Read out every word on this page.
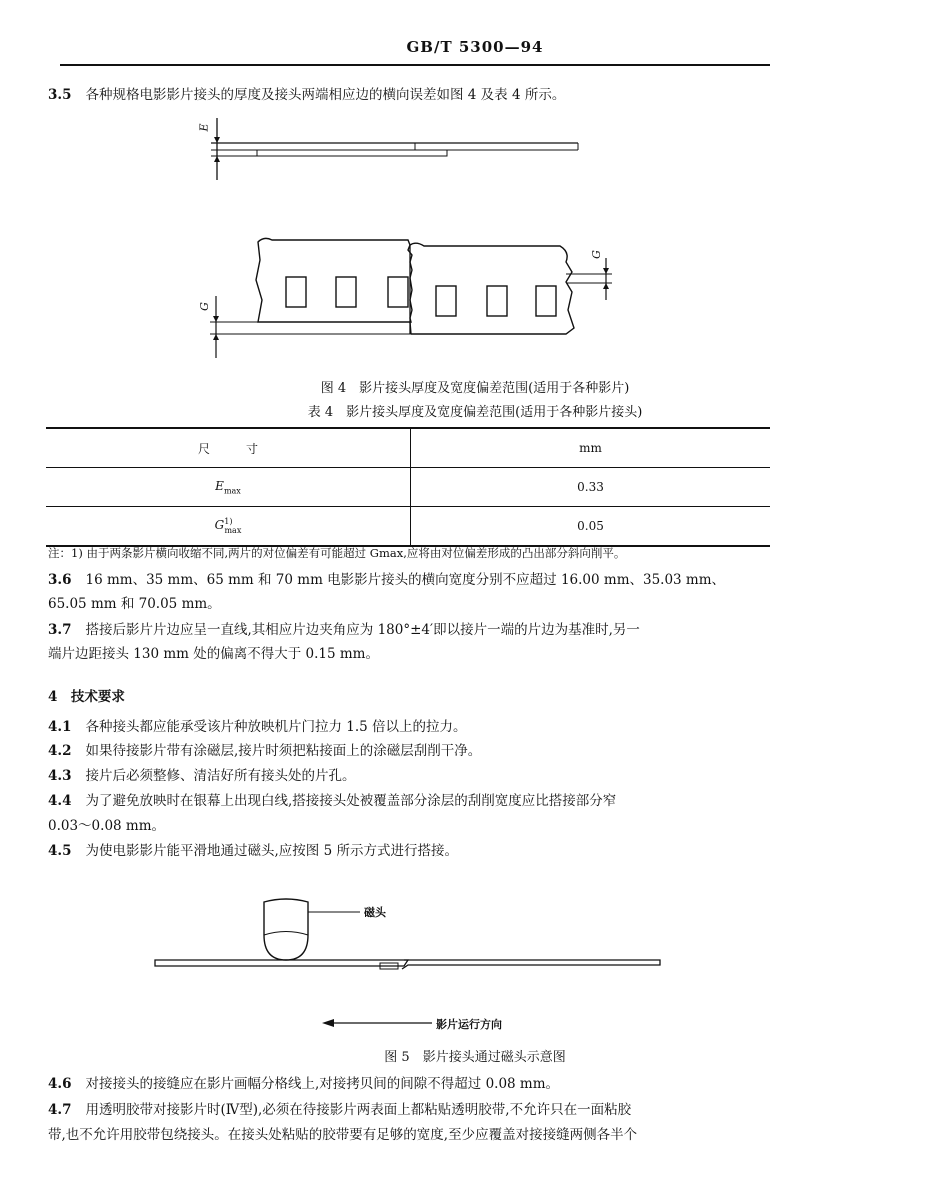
GB/T 5300—94
3.5 各种规格电影影片接头的厚度及接头两端相应边的横向误差如图 4 及表 4 所示。
E
G
G
图 4　影片接头厚度及宽度偏差范围(适用于各种影片)
表 4　影片接头厚度及宽度偏差范围(适用于各种影片接头)
尺　　　寸	mm
$E_{max}$	0.33
$G^{1)}_{max}$	0.05
注：1) 由于两条影片横向收缩不同,两片的对位偏差有可能超过 Gmax,应将由对位偏差形成的凸出部分斜向削平。
3.6 16 mm、35 mm、65 mm 和 70 mm 电影影片接头的横向宽度分别不应超过 16.00 mm、35.03 mm、
65.05 mm 和 70.05 mm。
3.7 搭接后影片片边应呈一直线,其相应片边夹角应为 180°±4′即以接片一端的片边为基准时,另一
端片边距接头 130 mm 处的偏离不得大于 0.15 mm。
4　技术要求
4.1 各种接头都应能承受该片种放映机片门拉力 1.5 倍以上的拉力。
4.2 如果待接影片带有涂磁层,接片时须把粘接面上的涂磁层刮削干净。
4.3 接片后必须整修、清洁好所有接头处的片孔。
4.4 为了避免放映时在银幕上出现白线,搭接接头处被覆盖部分涂层的刮削宽度应比搭接部分窄
0.03～0.08 mm。
4.5 为使电影影片能平滑地通过磁头,应按图 5 所示方式进行搭接。
磁头
影片运行方向
图 5　影片接头通过磁头示意图
4.6 对接接头的接缝应在影片画幅分格线上,对接拷贝间的间隙不得超过 0.08 mm。
4.7 用透明胶带对接影片时(Ⅳ型),必须在待接影片两表面上都粘贴透明胶带,不允许只在一面粘胶
带,也不允许用胶带包绕接头。在接头处粘贴的胶带要有足够的宽度,至少应覆盖对接接缝两侧各半个
